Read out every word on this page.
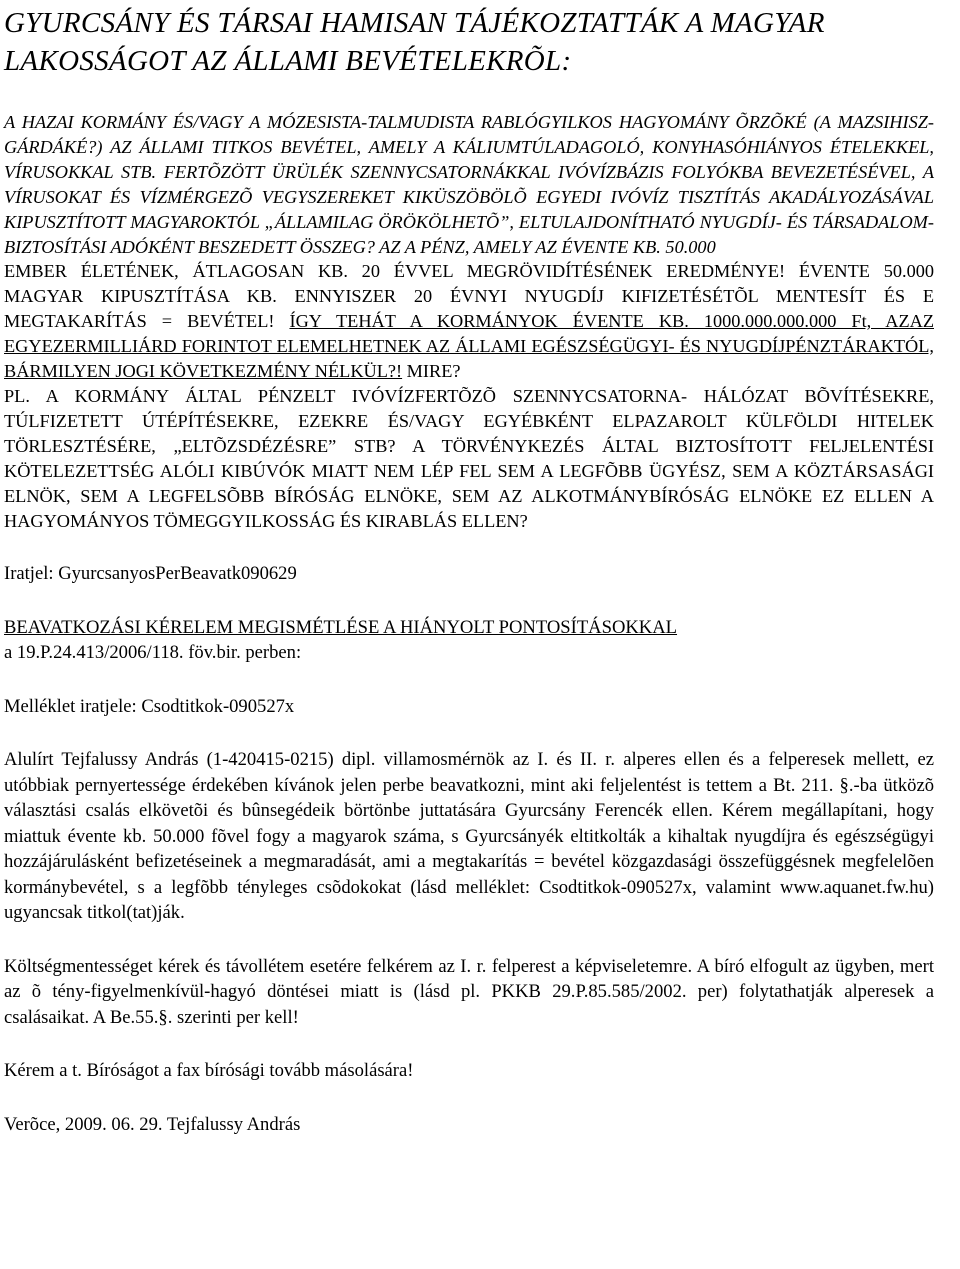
GYURCSÁNY ÉS TÁRSAI HAMISAN TÁJÉKOZTATTÁK A MAGYAR LAKOSSÁGOT AZ ÁLLAMI BEVÉTELEKRÕL:

A HAZAI KORMÁNY ÉS/VAGY A MÓZESISTA-TALMUDISTA RABLÓGYILKOS HAGYOMÁNY ÕRZÕKÉ (A MAZSIHISZ-GÁRDÁKÉ?) AZ ÁLLAMI TITKOS BEVÉTEL, AMELY A KÁLIUMTÚLADAGOLÓ, KONYHASÓHIÁNYOS ÉTELEKKEL, VÍRUSOKKAL STB. FERTÕZÖTT ÜRÜLÉK SZENNYCSATORNÁKKAL IVÓVÍZBÁZIS FOLYÓKBA BEVEZETÉSÉVEL, A VÍRUSOKAT ÉS VÍZMÉRGEZÕ VEGYSZEREKET KIKÜSZÖBÖLÕ EGYEDI IVÓVÍZ TISZTÍTÁS AKADÁLYOZÁSÁVAL KIPUSZTÍTOTT MAGYAROKTÓL „ÁLLAMILAG ÖRÖKÖLHETÕ”, ELTULAJDONÍTHATÓ NYUGDÍJ- ÉS TÁRSADALOM-BIZTOSÍTÁSI ADÓKÉNT BESZEDETT ÖSSZEG? AZ A PÉNZ, AMELY AZ ÉVENTE KB. 50.000

EMBER ÉLETÉNEK, ÁTLAGOSAN KB. 20 ÉVVEL MEGRÖVIDÍTÉSÉNEK EREDMÉNYE! ÉVENTE 50.000 MAGYAR KIPUSZTÍTÁSA KB. ENNYISZER 20 ÉVNYI NYUGDÍJ KIFIZETÉSÉTÕL MENTESÍT ÉS E MEGTAKARÍTÁS = BEVÉTEL! ÍGY TEHÁT A KORMÁNYOK ÉVENTE KB. 1000.000.000.000 Ft, AZAZ EGYEZERMILLIÁRD FORINTOT ELEMELHETNEK AZ ÁLLAMI EGÉSZSÉGÜGYI- ÉS NYUGDÍJPÉNZTÁRAKTÓL, BÁRMILYEN JOGI KÖVETKEZMÉNY NÉLKÜL?! MIRE?

PL. A KORMÁNY ÁLTAL PÉNZELT IVÓVÍZFERTÕZÕ SZENNYCSATORNA- HÁLÓZAT BÕVÍTÉSEKRE, TÚLFIZETETT ÚTÉPÍTÉSEKRE, EZEKRE ÉS/VAGY EGYÉBKÉNT ELPAZAROLT KÜLFÖLDI HITELEK TÖRLESZTÉSÉRE, „ELTÕZSDÉZÉSRE” STB? A TÖRVÉNYKEZÉS ÁLTAL BIZTOSÍTOTT FELJELENTÉSI KÖTELEZETTSÉG ALÓLI KIBÚVÓK MIATT NEM LÉP FEL SEM A LEGFÕBB ÜGYÉSZ, SEM A KÖZTÁRSASÁGI ELNÖK, SEM A LEGFELSÕBB BÍRÓSÁG ELNÖKE, SEM AZ ALKOTMÁNYBÍRÓSÁG ELNÖKE EZ ELLEN A HAGYOMÁNYOS TÖMEGGYILKOSSÁG ÉS KIRABLÁS ELLEN?

Iratjel: GyurcsanyosPerBeavatk090629

BEAVATKOZÁSI KÉRELEM MEGISMÉTLÉSE A HIÁNYOLT PONTOSÍTÁSOKKAL

a 19.P.24.413/2006/118. föv.bir. perben:

Melléklet iratjele: Csodtitkok-090527x

Alulírt Tejfalussy András (1-420415-0215) dipl. villamosmérnök az I. és II. r. alperes ellen és a felperesek mellett, ez utóbbiak pernyertessége érdekében kívánok jelen perbe beavatkozni, mint aki feljelentést is tettem a Bt. 211. §.-ba ütközõ választási csalás elkövetõi és bûnsegédeik börtönbe juttatására Gyurcsány Ferencék ellen. Kérem megállapítani, hogy miattuk évente kb. 50.000 fõvel fogy a magyarok száma, s Gyurcsányék eltitkolták a kihaltak nyugdíjra és egészségügyi hozzájárulásként befizetéseinek a megmaradását, ami a megtakarítás = bevétel közgazdasági összefüggésnek megfelelõen kormánybevétel, s a legfõbb tényleges csõdokokat (lásd melléklet: Csodtitkok-090527x, valamint www.aquanet.fw.hu) ugyancsak titkol(tat)ják.

Költségmentességet kérek és távollétem esetére felkérem az I. r. felperest a képviseletemre. A bíró elfogult az ügyben, mert az õ tény-figyelmenkívül-hagyó döntései miatt is (lásd pl. PKKB 29.P.85.585/2002. per) folytathatják alperesek a csalásaikat. A Be.55.§. szerinti per kell!

Kérem a t. Bíróságot a fax bírósági tovább másolására!

Verõce, 2009. 06. 29. Tejfalussy András
